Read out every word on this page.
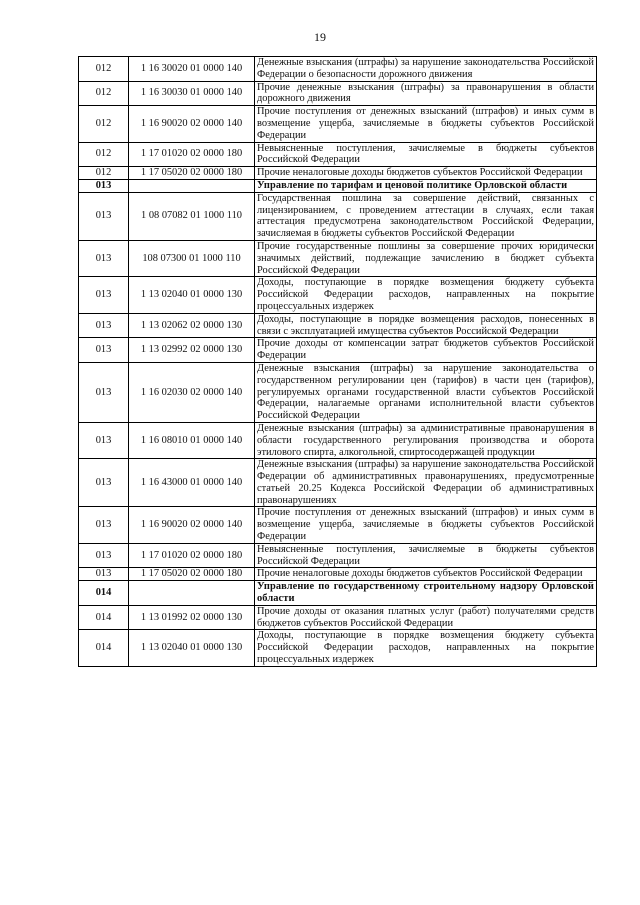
19
012	1 16 30020 01 0000 140	Денежные взыскания (штрафы) за нарушение законодательства Российской Федерации о безопасности дорожного движения
012	1 16 30030 01 0000 140	Прочие денежные взыскания (штрафы) за правонарушения в области дорожного движения
012	1 16 90020 02 0000 140	Прочие поступления от денежных взысканий (штрафов) и иных сумм в возмещение ущерба, зачисляемые в бюджеты субъектов Российской Федерации
012	1 17 01020 02 0000 180	Невыясненные поступления, зачисляемые в бюджеты субъектов Российской Федерации
012	1 17 05020 02 0000 180	Прочие неналоговые доходы бюджетов субъектов Российской Федерации
013		Управление по тарифам и ценовой политике Орловской области
013	1 08 07082 01 1000 110	Государственная пошлина за совершение действий, связанных с лицензированием, с проведением аттестации в случаях, если такая аттестация предусмотрена законодательством Российской Федерации, зачисляемая в бюджеты субъектов Российской Федерации
013	108 07300 01 1000 110	Прочие государственные пошлины за совершение прочих юридически значимых действий, подлежащие зачислению в бюджет субъекта Российской Федерации
013	1 13 02040 01 0000 130	Доходы, поступающие в порядке возмещения бюджету субъекта Российской Федерации расходов, направленных на покрытие процессуальных издержек
013	1 13 02062 02 0000 130	Доходы, поступающие в порядке возмещения расходов, понесенных в связи с эксплуатацией имущества субъектов Российской Федерации
013	1 13 02992 02 0000 130	Прочие доходы от компенсации затрат бюджетов субъектов Российской Федерации
013	1 16 02030 02 0000 140	Денежные взыскания (штрафы) за нарушение законодательства о государственном регулировании цен (тарифов) в части цен (тарифов), регулируемых органами государственной власти субъектов Российской Федерации, налагаемые органами исполнительной власти субъектов Российской Федерации
013	1 16 08010 01 0000 140	Денежные взыскания (штрафы) за административные правонарушения в области государственного регулирования производства и оборота этилового спирта, алкогольной, спиртосодержащей продукции
013	1 16 43000 01 0000 140	Денежные взыскания (штрафы) за нарушение законодательства Российской Федерации об административных правонарушениях, предусмотренные статьей 20.25 Кодекса Российской Федерации об административных правонарушениях
013	1 16 90020 02 0000 140	Прочие поступления от денежных взысканий (штрафов) и иных сумм в возмещение ущерба, зачисляемые в бюджеты субъектов Российской Федерации
013	1 17 01020 02 0000 180	Невыясненные поступления, зачисляемые в бюджеты субъектов Российской Федерации
013	1 17 05020 02 0000 180	Прочие неналоговые доходы бюджетов субъектов Российской Федерации
014		Управление по государственному строительному надзору Орловской области
014	1 13 01992 02 0000 130	Прочие доходы от оказания платных услуг (работ) получателями средств бюджетов субъектов Российской Федерации
014	1 13 02040 01 0000 130	Доходы, поступающие в порядке возмещения бюджету субъекта Российской Федерации расходов, направленных на покрытие процессуальных издержек
